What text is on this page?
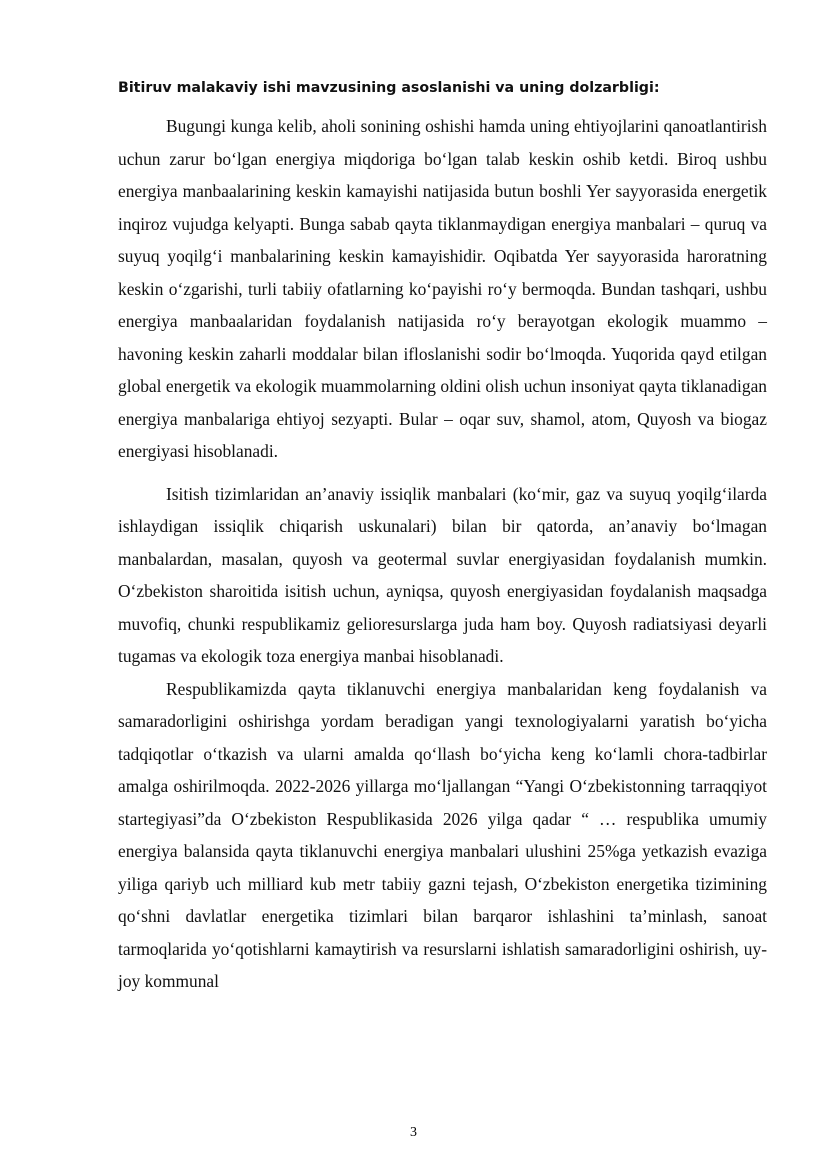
Bitiruv malakaviy ishi mavzusining asoslanishi va uning dolzarbligi:

Bugungi kunga kelib, aholi sonining oshishi hamda uning ehtiyojlarini qanoatlantirish uchun zarur bo‘lgan energiya miqdoriga bo‘lgan talab keskin oshib ketdi. Biroq ushbu energiya manbaalarining keskin kamayishi natijasida butun boshli Yer sayyorasida energetik inqiroz vujudga kelyapti. Bunga sabab qayta tiklanmaydigan energiya manbalari – quruq va suyuq yoqilg‘i manbalarining keskin kamayishidir. Oqibatda Yer sayyorasida haroratning keskin o‘zgarishi, turli tabiiy ofatlarning ko‘payishi ro‘y bermoqda. Bundan tashqari, ushbu energiya manbaalaridan foydalanish natijasida ro‘y berayotgan ekologik muammo – havoning keskin zaharli moddalar bilan ifloslanishi sodir bo‘lmoqda. Yuqorida qayd etilgan global energetik va ekologik muammolarning oldini olish uchun insoniyat qayta tiklanadigan energiya manbalariga ehtiyoj sezyapti. Bular – oqar suv, shamol, atom, Quyosh va biogaz energiyasi hisoblanadi.

Isitish tizimlaridan an’anaviy issiqlik manbalari (ko‘mir, gaz va suyuq yoqilg‘ilarda ishlaydigan issiqlik chiqarish uskunalari) bilan bir qatorda, an’anaviy bo‘lmagan manbalardan, masalan, quyosh va geotermal suvlar energiyasidan foydalanish mumkin. O‘zbekiston sharoitida isitish uchun, ayniqsa, quyosh energiyasidan foydalanish maqsadga muvofiq, chunki respublikamiz gelioresurslarga juda ham boy. Quyosh radiatsiyasi deyarli tugamas va ekologik toza energiya manbai hisoblanadi.

Respublikamizda qayta tiklanuvchi energiya manbalaridan keng foydalanish va samaradorligini oshirishga yordam beradigan yangi texnologiyalarni yaratish bo‘yicha tadqiqotlar o‘tkazish va ularni amalda qo‘llash bo‘yicha keng ko‘lamli chora-tadbirlar amalga oshirilmoqda. 2022-2026 yillarga mo‘ljallangan “Yangi O‘zbekistonning tarraqqiyot startegiyasi”da O‘zbekiston Respublikasida 2026 yilga qadar “ … respublika umumiy energiya balansida qayta tiklanuvchi energiya manbalari ulushini 25%ga yetkazish evaziga yiliga qariyb uch milliard kub metr tabiiy gazni tejash, O‘zbekiston energetika tizimining qo‘shni davlatlar energetika tizimlari bilan barqaror ishlashini ta’minlash, sanoat tarmoqlarida yo‘qotishlarni kamaytirish va resurslarni ishlatish samaradorligini oshirish, uy-joy kommunal

3
